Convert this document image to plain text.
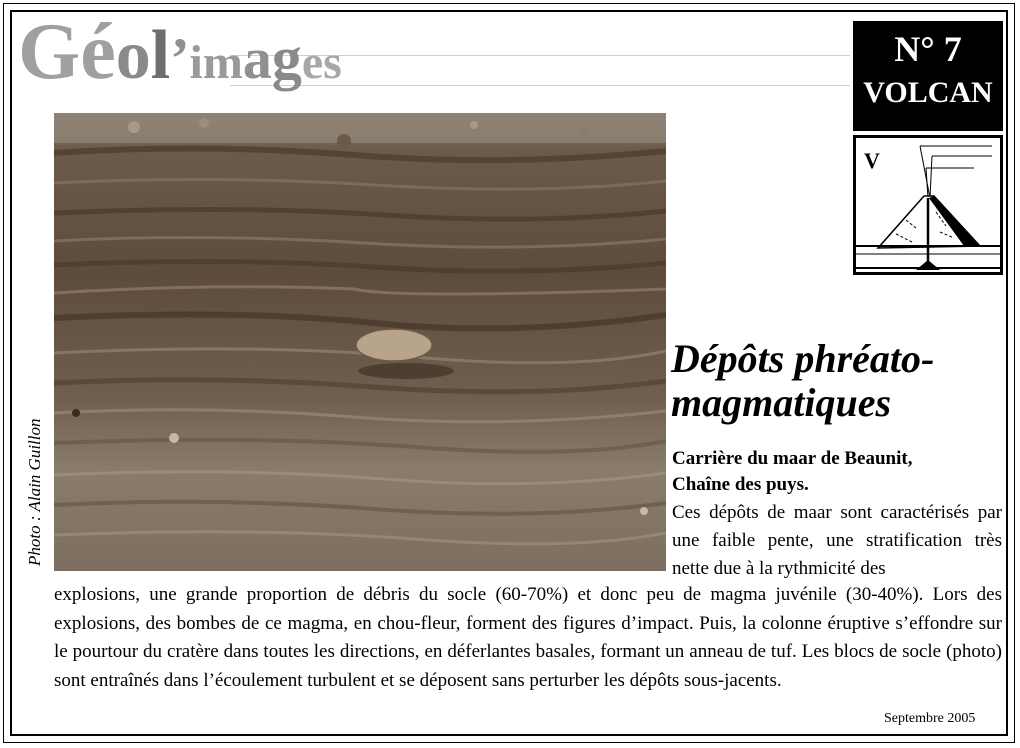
Géol’images	N° 7
VOLCAN
V
Photo : Alain Guillon
Dépôts phréato-
magmatiques

Carrière du maar de Beaunit,
Chaîne des puys.

Ces dépôts de maar sont caractérisés par une faible pente, une stratification très nette due à la rythmicité des

explosions, une grande proportion de débris du socle (60-70%) et donc peu de magma juvénile (30-40%). Lors des explosions, des bombes de ce magma, en chou-fleur, forment des figures d’impact. Puis, la colonne éruptive s’effondre sur le pourtour du cratère dans toutes les directions, en déferlantes basales, formant un anneau de tuf. Les blocs de socle (photo) sont entraînés dans l’écoulement turbulent et se déposent sans perturber les dépôts sous-jacents.

Septembre 2005
